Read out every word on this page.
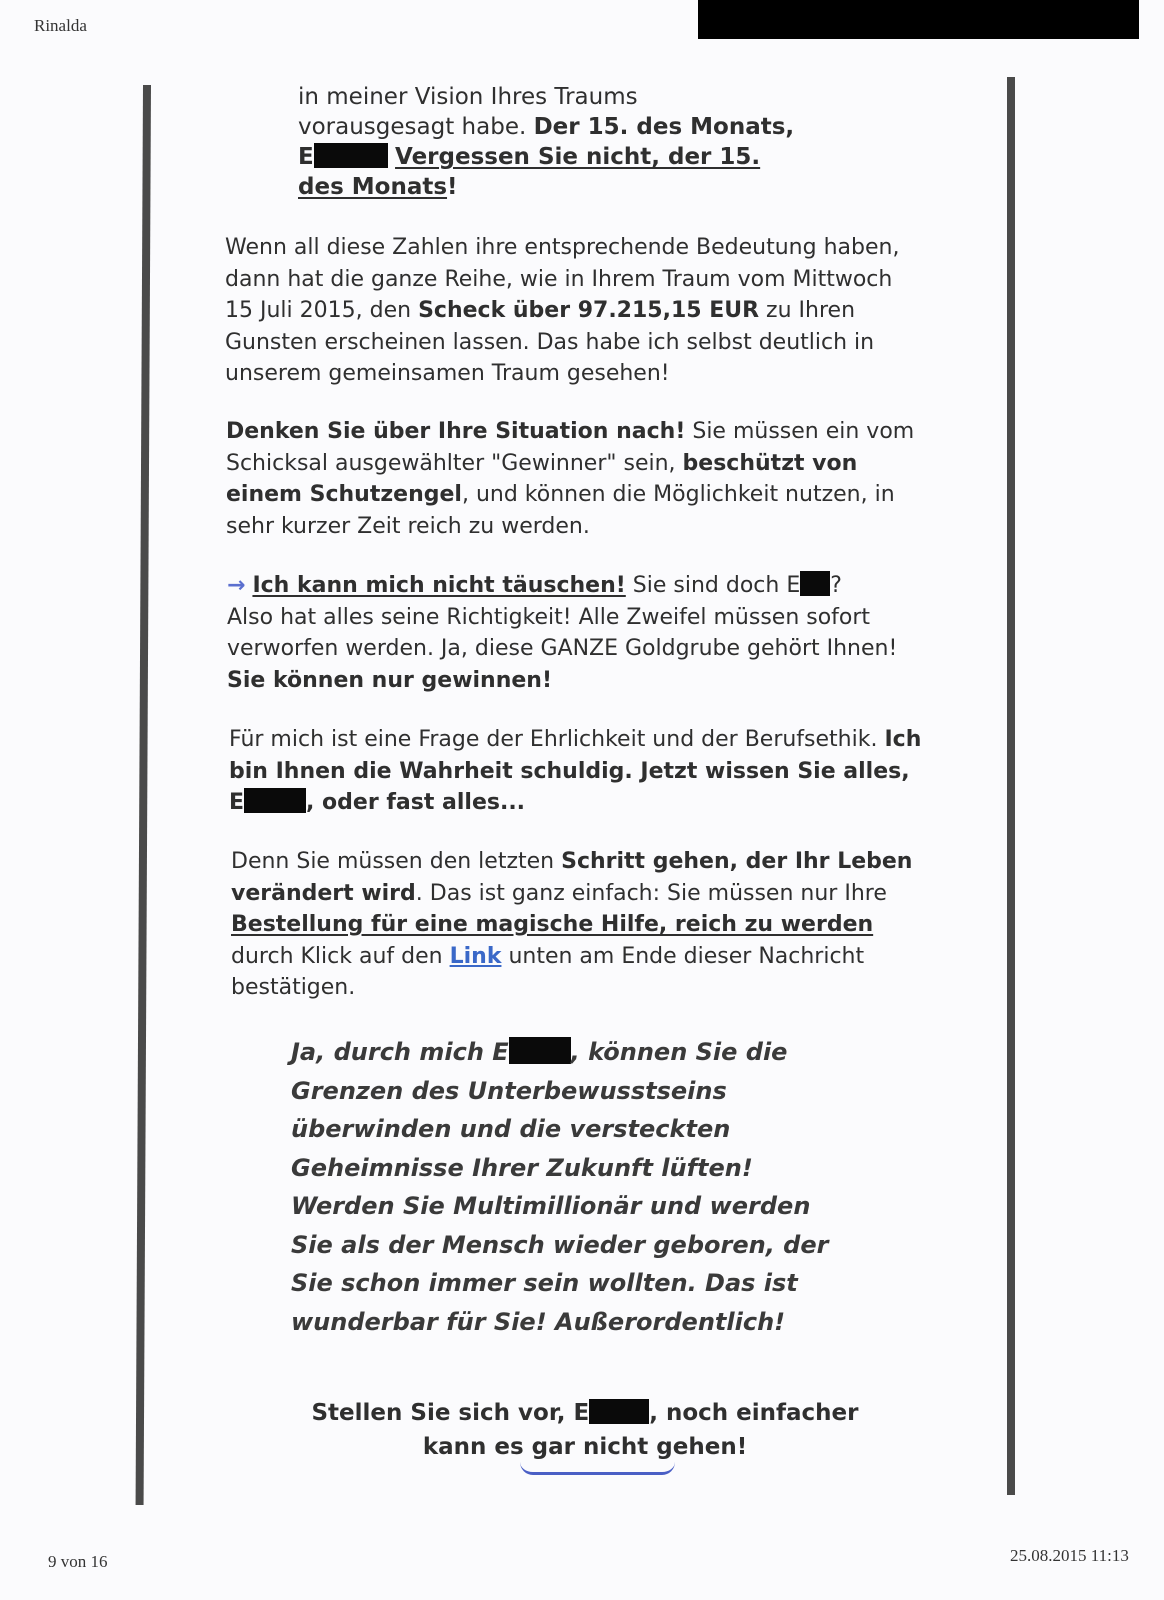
Rinalda
in meiner Vision Ihres Traums
vorausgesagt habe. Der 15. des Monats,
E	Vergessen Sie nicht, der 15.
des Monats!
Wenn all diese Zahlen ihre entsprechende Bedeutung haben,
dann hat die ganze Reihe, wie in Ihrem Traum vom Mittwoch
15 Juli 2015, den Scheck über 97.215,15 EUR zu Ihren
Gunsten erscheinen lassen. Das habe ich selbst deutlich in
unserem gemeinsamen Traum gesehen!
Denken Sie über Ihre Situation nach! Sie müssen ein vom
Schicksal ausgewählter "Gewinner" sein, beschützt von
einem Schutzengel, und können die Möglichkeit nutzen, in
sehr kurzer Zeit reich zu werden.
→ Ich kann mich nicht täuschen! Sie sind doch E ?
Also hat alles seine Richtigkeit! Alle Zweifel müssen sofort
verworfen werden. Ja, diese GANZE Goldgrube gehört Ihnen!
Sie können nur gewinnen!
Für mich ist eine Frage der Ehrlichkeit und der Berufsethik. Ich
bin Ihnen die Wahrheit schuldig. Jetzt wissen Sie alles,
E	, oder fast alles...
Denn Sie müssen den letzten Schritt gehen, der Ihr Leben
verändert wird. Das ist ganz einfach: Sie müssen nur Ihre
Bestellung für eine magische Hilfe, reich zu werden
durch Klick auf den Link unten am Ende dieser Nachricht
bestätigen.
Ja, durch mich E	, können Sie die
Grenzen des Unterbewusstseins
überwinden und die versteckten
Geheimnisse Ihrer Zukunft lüften!
Werden Sie Multimillionär und werden
Sie als der Mensch wieder geboren, der
Sie schon immer sein wollten. Das ist
wunderbar für Sie! Außerordentlich!
Stellen Sie sich vor, E	, noch einfacher
kann es gar nicht gehen!
9 von 16	25.08.2015 11:13
